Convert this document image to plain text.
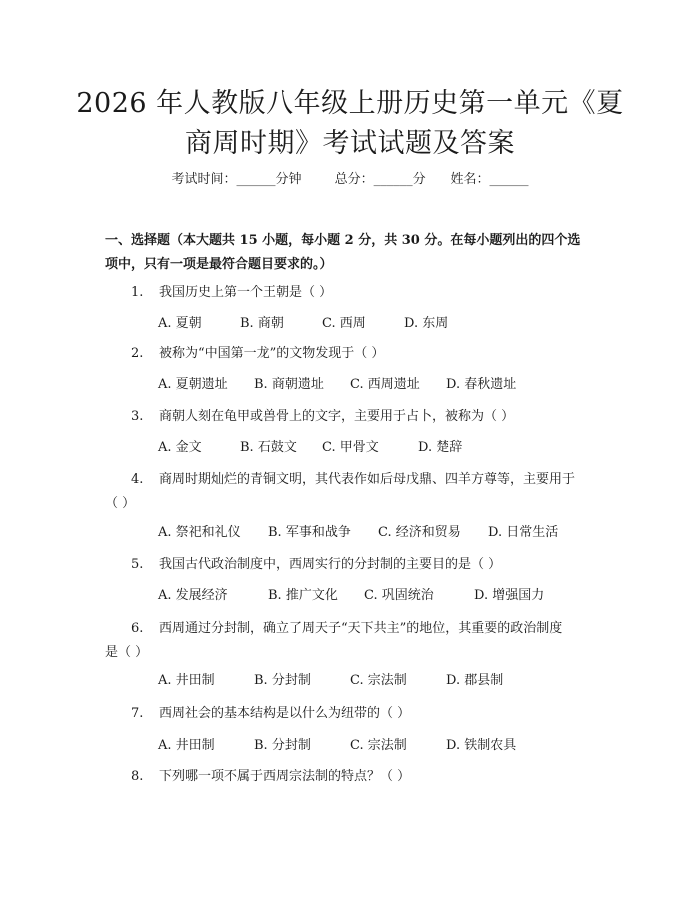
2026 年人教版八年级上册历史第一单元《夏
商周时期》考试试题及答案
考试时间：______分钟	总分：______分 姓名：______
一、选择题（本大题共 15 小题，每小题 2 分，共 30 分。在每小题列出的四个选
项中，只有一项是最符合题目要求的。）
1. 我国历史上第一个王朝是（ ）
A. 夏朝	B. 商朝	C. 西周	D. 东周
2. 被称为“中国第一龙”的文物发现于（ ）
A. 夏朝遗址 B. 商朝遗址 C. 西周遗址 D. 春秋遗址
3. 商朝人刻在龟甲或兽骨上的文字，主要用于占卜，被称为（ ）
A. 金文	B. 石鼓文 C. 甲骨文	D. 楚辞
4. 商周时期灿烂的青铜文明，其代表作如后母戊鼎、四羊方尊等，主要用于
（ ）
A. 祭祀和礼仪 B. 军事和战争 C. 经济和贸易 D. 日常生活
5. 我国古代政治制度中，西周实行的分封制的主要目的是（ ）
A. 发展经济	B. 推广文化 C. 巩固统治	D. 增强国力
6. 西周通过分封制，确立了周天子“天下共主”的地位，其重要的政治制度
是（ ）
A. 井田制	B. 分封制	C. 宗法制	D. 郡县制
7. 西周社会的基本结构是以什么为纽带的（ ）
A. 井田制	B. 分封制	C. 宗法制	D. 铁制农具
8. 下列哪一项不属于西周宗法制的特点？（ ）
